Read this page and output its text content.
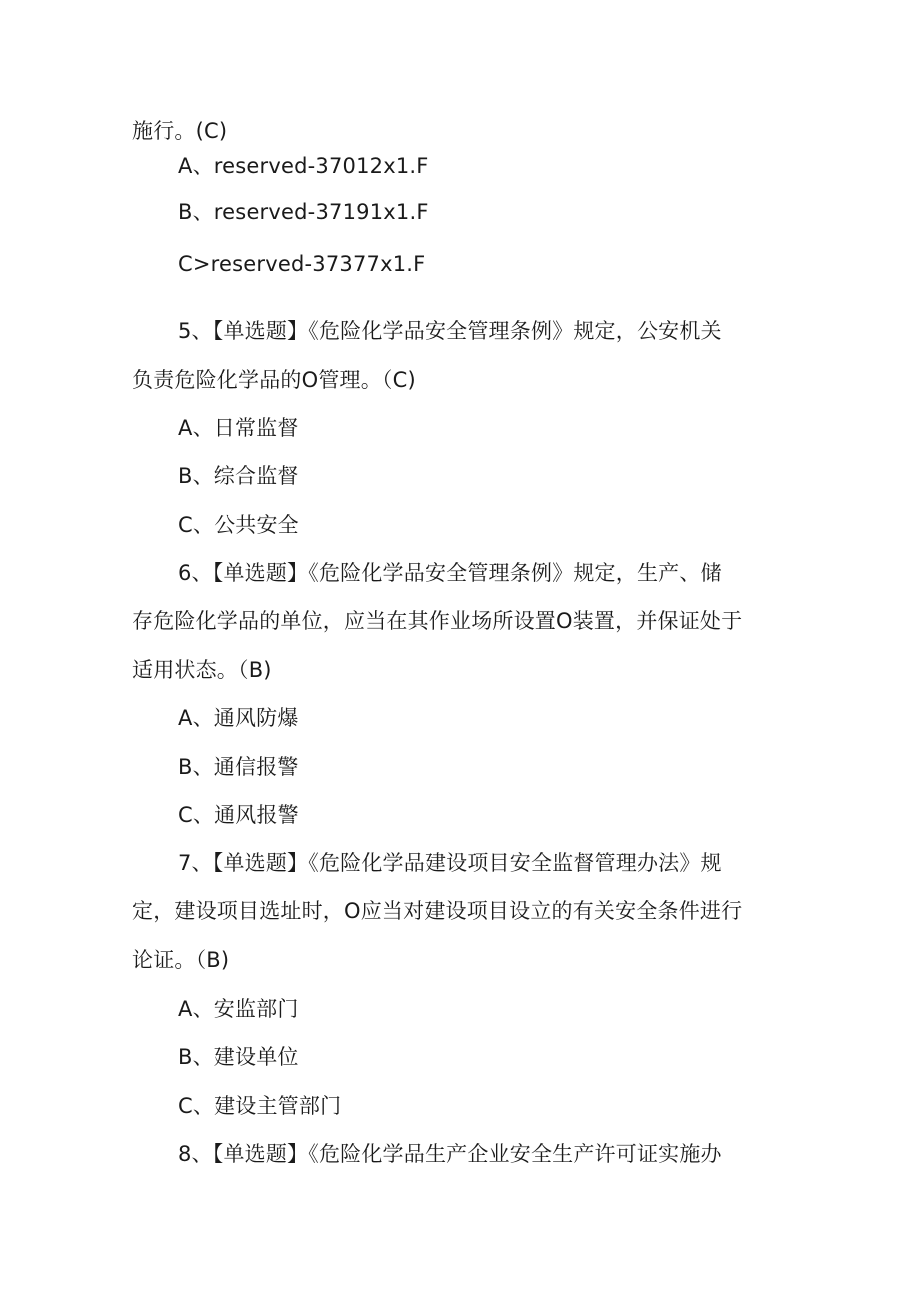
施行。(C)
A、reserved-37012x1.F
B、reserved-37191x1.F
C>reserved-37377x1.F
5、【单选题】《危险化学品安全管理条例》规定，公安机关
负责危险化学品的O管理。（C)
A、日常监督
B、综合监督
C、公共安全
6、【单选题】《危险化学品安全管理条例》规定，生产、储
存危险化学品的单位，应当在其作业场所设置O装置，并保证处于
适用状态。（B)
A、通风防爆
B、通信报警
C、通风报警
7、【单选题】《危险化学品建设项目安全监督管理办法》规
定，建设项目选址时，O应当对建设项目设立的有关安全条件进行
论证。（B)
A、安监部门
B、建设单位
C、建设主管部门
8、【单选题】《危险化学品生产企业安全生产许可证实施办
